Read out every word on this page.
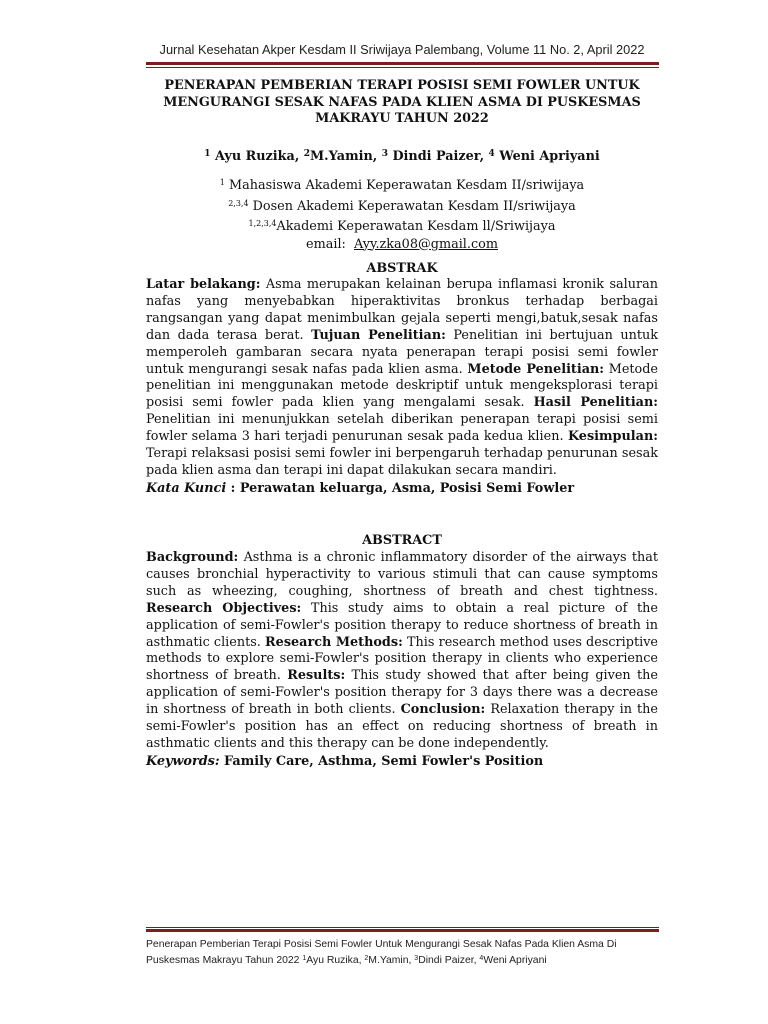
Jurnal Kesehatan Akper Kesdam II Sriwijaya Palembang, Volume 11 No. 2, April 2022
PENERAPAN PEMBERIAN TERAPI POSISI SEMI FOWLER UNTUK
MENGURANGI SESAK NAFAS PADA KLIEN ASMA DI PUSKESMAS
MAKRAYU TAHUN 2022
$^1$ Ayu Ruzika, $^2$M.Yamin, $^3$ Dindi Paizer, $^4$ Weni Apriyani
$^1$ Mahasiswa Akademi Keperawatan Kesdam II/sriwijaya
$^{2,3,4}$ Dosen Akademi Keperawatan Kesdam II/sriwijaya
$^{1,2,3,4}$Akademi Keperawatan Kesdam ll/Sriwijaya
email: Ayy.zka08@gmail.com
ABSTRAK

Latar belakang: Asma merupakan kelainan berupa inflamasi kronik saluran nafas yang menyebabkan hiperaktivitas bronkus terhadap berbagai rangsangan yang dapat menimbulkan gejala seperti mengi,batuk,sesak nafas dan dada terasa berat. Tujuan Penelitian: Penelitian ini bertujuan untuk memperoleh gambaran secara nyata penerapan terapi posisi semi fowler untuk mengurangi sesak nafas pada klien asma. Metode Penelitian: Metode penelitian ini menggunakan metode deskriptif untuk mengeksplorasi terapi posisi semi fowler pada klien yang mengalami sesak. Hasil Penelitian: Penelitian ini menunjukkan setelah diberikan penerapan terapi posisi semi fowler selama 3 hari terjadi penurunan sesak pada kedua klien. Kesimpulan: Terapi relaksasi posisi semi fowler ini berpengaruh terhadap penurunan sesak pada klien asma dan terapi ini dapat dilakukan secara mandiri.

Kata Kunci : Perawatan keluarga, Asma, Posisi Semi Fowler
ABSTRACT

Background: Asthma is a chronic inflammatory disorder of the airways that causes bronchial hyperactivity to various stimuli that can cause symptoms such as wheezing, coughing, shortness of breath and chest tightness. Research Objectives: This study aims to obtain a real picture of the application of semi-Fowler's position therapy to reduce shortness of breath in asthmatic clients. Research Methods: This research method uses descriptive methods to explore semi-Fowler's position therapy in clients who experience shortness of breath. Results: This study showed that after being given the application of semi-Fowler's position therapy for 3 days there was a decrease in shortness of breath in both clients. Conclusion: Relaxation therapy in the semi-Fowler's position has an effect on reducing shortness of breath in asthmatic clients and this therapy can be done independently.

Keywords: Family Care, Asthma, Semi Fowler's Position
Penerapan Pemberian Terapi Posisi Semi Fowler Untuk Mengurangi Sesak Nafas Pada Klien Asma Di
Puskesmas Makrayu Tahun 2022 $^1$Ayu Ruzika, $^2$M.Yamin, $^3$Dindi Paizer, $^4$Weni Apriyani
